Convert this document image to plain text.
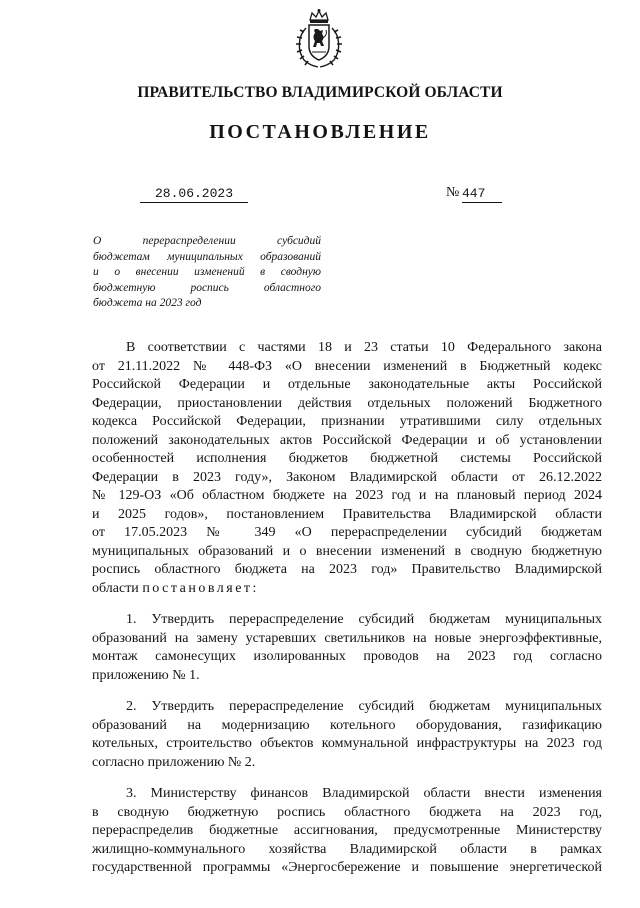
ПРАВИТЕЛЬСТВО ВЛАДИМИРСКОЙ ОБЛАСТИ
ПОСТАНОВЛЕНИЕ
28.06.2023	№ 447
О перераспределении субсидий
бюджетам муниципальных образований
и о внесении изменений в сводную
бюджетную роспись областного
бюджета на 2023 год
В соответствии с частями 18 и 23 статьи 10 Федерального закона
от 21.11.2022 № 448-ФЗ «О внесении изменений в Бюджетный кодекс
Российской Федерации и отдельные законодательные акты Российской
Федерации, приостановлении действия отдельных положений Бюджетного
кодекса Российской Федерации, признании утратившими силу отдельных
положений законодательных актов Российской Федерации и об установлении
особенностей исполнения бюджетов бюджетной системы Российской
Федерации в 2023 году», Законом Владимирской области от 26.12.2022
№ 129-ОЗ «Об областном бюджете на 2023 год и на плановый период 2024
и 2025 годов», постановлением Правительства Владимирской области
от 17.05.2023 № 349 «О перераспределении субсидий бюджетам
муниципальных образований и о внесении изменений в сводную бюджетную
роспись областного бюджета на 2023 год» Правительство Владимирской
области постановляет:
1. Утвердить перераспределение субсидий бюджетам муниципальных
образований на замену устаревших светильников на новые энергоэффективные,
монтаж самонесущих изолированных проводов на 2023 год согласно
приложению № 1.
2. Утвердить перераспределение субсидий бюджетам муниципальных
образований на модернизацию котельного оборудования, газификацию
котельных, строительство объектов коммунальной инфраструктуры на 2023 год
согласно приложению № 2.
3. Министерству финансов Владимирской области внести изменения
в сводную бюджетную роспись областного бюджета на 2023 год,
перераспределив бюджетные ассигнования, предусмотренные Министерству
жилищно-коммунального хозяйства Владимирской области в рамках
государственной программы «Энергосбережение и повышение энергетической
